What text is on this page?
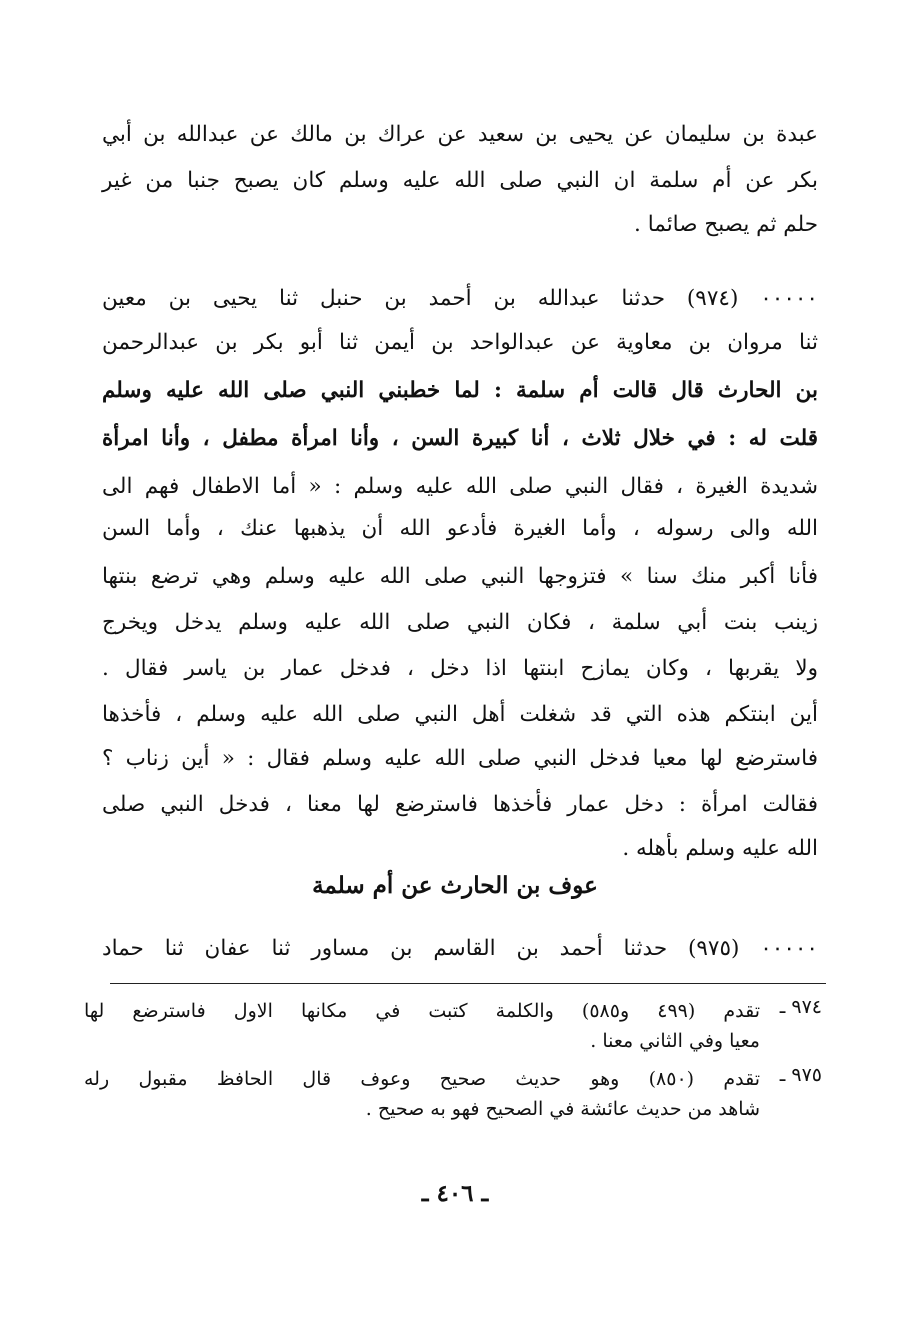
عبدة بن سليمان عن يحيى بن سعيد عن عراك بن مالك عن عبدالله بن أبي
بكر عن أم سلمة ان النبي صلى الله عليه وسلم كان يصبح جنبا من غير
حلم ثم يصبح صائما .
٠٠٠٠٠ (٩٧٤) حدثنا عبدالله بن أحمد بن حنبل ثنا يحيى بن معين
ثنا مروان بن معاوية عن عبدالواحد بن أيمن ثنا أبو بكر بن عبدالرحمن
بن الحارث قال قالت أم سلمة : لما خطبني النبي صلى الله عليه وسلم
قلت له : في خلال ثلاث ، أنا كبيرة السن ، وأنا امرأة مطفل ، وأنا امرأة
شديدة الغيرة ، فقال النبي صلى الله عليه وسلم : « أما الاطفال فهم الى
الله والى رسوله ، وأما الغيرة فأدعو الله أن يذهبها عنك ، وأما السن
فأنا أكبر منك سنا » فتزوجها النبي صلى الله عليه وسلم وهي ترضع بنتها
زينب بنت أبي سلمة ، فكان النبي صلى الله عليه وسلم يدخل ويخرج
ولا يقربها ، وكان يمازح ابنتها اذا دخل ، فدخل عمار بن ياسر فقال .
أين ابنتكم هذه التي قد شغلت أهل النبي صلى الله عليه وسلم ، فأخذها
فاسترضع لها معيا فدخل النبي صلى الله عليه وسلم فقال : « أين زناب ؟
فقالت امرأة : دخل عمار فأخذها فاسترضع لها معنا ، فدخل النبي صلى
الله عليه وسلم بأهله .
عوف بن الحارث عن أم سلمة
٠٠٠٠٠ (٩٧٥) حدثنا أحمد بن القاسم بن مساور ثنا عفان ثنا حماد
٩٧٤ ـ
تقدم (٤٩٩ و٥٨٥) والكلمة كتبت في مكانها الاول فاسترضع لها
معيا وفي الثاني معنا .
٩٧٥ ـ
تقدم (٨٥٠) وهو حديث صحيح وعوف قال الحافظ مقبول رله
شاهد من حديث عائشة في الصحيح فهو به صحيح .
ـ ٤٠٦ ـ
